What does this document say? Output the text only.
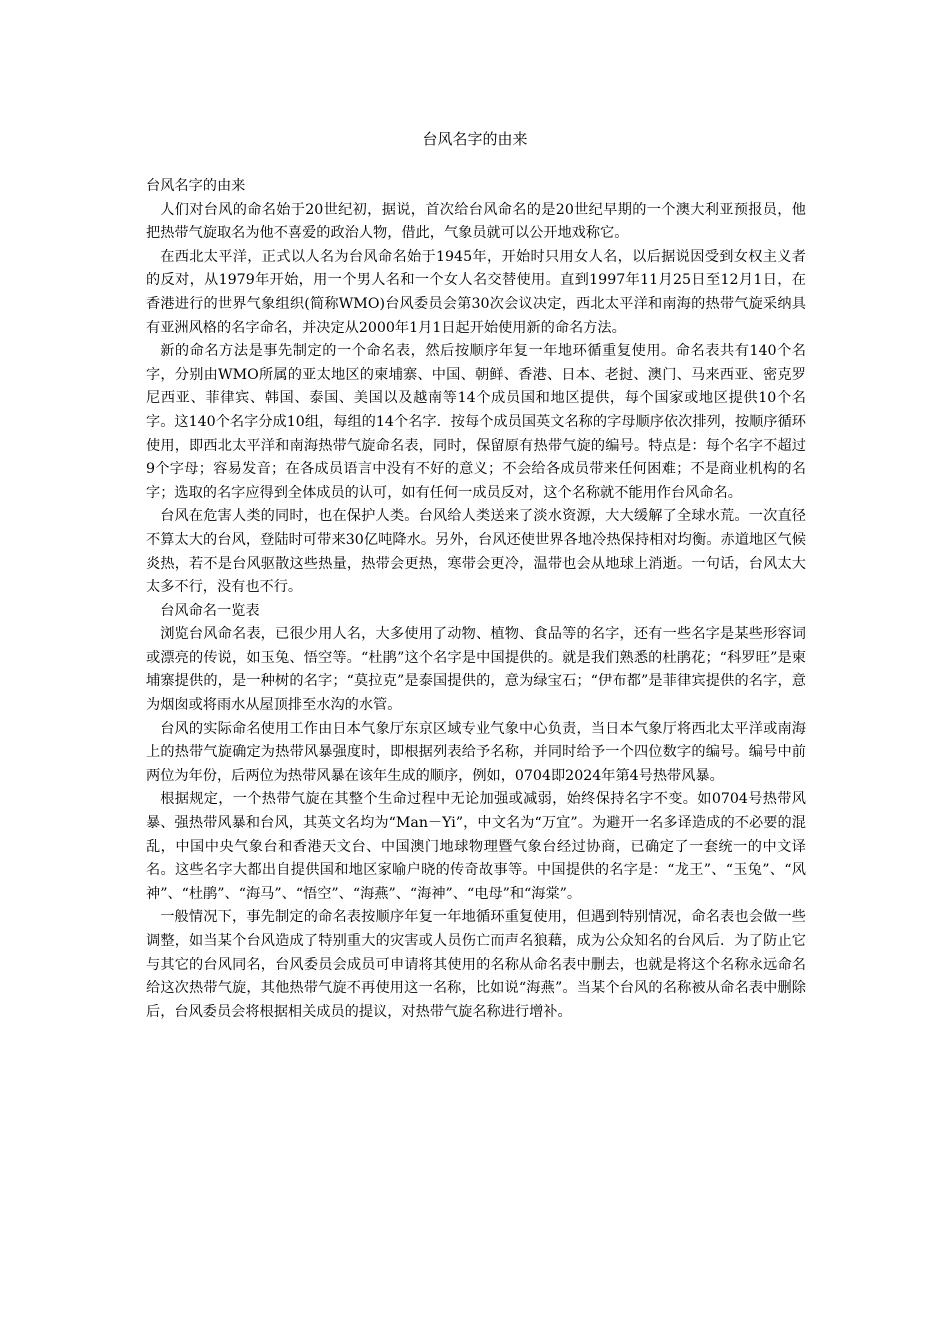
台风名字的由来

台风名字的由来

人们对台风的命名始于20世纪初，据说，首次给台风命名的是20世纪早期的一个澳大利亚预报员，他把热带气旋取名为他不喜爱的政治人物，借此，气象员就可以公开地戏称它。

在西北太平洋，正式以人名为台风命名始于1945年，开始时只用女人名，以后据说因受到女权主义者的反对，从1979年开始，用一个男人名和一个女人名交替使用。直到1997年11月25日至12月1日，在香港进行的世界气象组织(简称WMO)台风委员会第30次会议决定，西北太平洋和南海的热带气旋采纳具有亚洲风格的名字命名，并决定从2000年1月1日起开始使用新的命名方法。

新的命名方法是事先制定的一个命名表，然后按顺序年复一年地环循重复使用。命名表共有140个名字，分别由WMO所属的亚太地区的柬埔寨、中国、朝鲜、香港、日本、老挝、澳门、马来西亚、密克罗尼西亚、菲律宾、韩国、泰国、美国以及越南等14个成员国和地区提供，每个国家或地区提供10个名字。这140个名字分成10组，每组的14个名字．按每个成员国英文名称的字母顺序依次排列，按顺序循环使用，即西北太平洋和南海热带气旋命名表，同时，保留原有热带气旋的编号。特点是：每个名字不超过9个字母；容易发音；在各成员语言中没有不好的意义；不会给各成员带来任何困难；不是商业机构的名字；选取的名字应得到全体成员的认可，如有任何一成员反对，这个名称就不能用作台风命名。

台风在危害人类的同时，也在保护人类。台风给人类送来了淡水资源，大大缓解了全球水荒。一次直径不算太大的台风，登陆时可带来30亿吨降水。另外，台风还使世界各地冷热保持相对均衡。赤道地区气候炎热，若不是台风驱散这些热量，热带会更热，寒带会更冷，温带也会从地球上消逝。一句话，台风太大太多不行，没有也不行。

台风命名一览表

浏览台风命名表，已很少用人名，大多使用了动物、植物、食品等的名字，还有一些名字是某些形容词或漂亮的传说，如玉兔、悟空等。“杜鹃”这个名字是中国提供的。就是我们熟悉的杜鹃花；“科罗旺”是柬埔寨提供的，是一种树的名字；“莫拉克”是泰国提供的，意为绿宝石；“伊布都”是菲律宾提供的名字，意为烟囱或将雨水从屋顶排至水沟的水管。

台风的实际命名使用工作由日本气象厅东京区域专业气象中心负责，当日本气象厅将西北太平洋或南海上的热带气旋确定为热带风暴强度时，即根据列表给予名称，并同时给予一个四位数字的编号。编号中前两位为年份，后两位为热带风暴在该年生成的顺序，例如，0704即2024年第4号热带风暴。

根据规定，一个热带气旋在其整个生命过程中无论加强或减弱，始终保持名字不变。如0704号热带风暴、强热带风暴和台风，其英文名均为“Man－Yi”，中文名为“万宜”。为避开一名多译造成的不必要的混乱，中国中央气象台和香港天文台、中国澳门地球物理暨气象台经过协商，已确定了一套统一的中文译名。这些名字大都出自提供国和地区家喻户晓的传奇故事等。中国提供的名字是：“龙王”、“玉兔”、“风神”、“杜鹃”、“海马”、“悟空”、“海燕”、“海神”、“电母”和“海棠”。

一般情况下，事先制定的命名表按顺序年复一年地循环重复使用，但遇到特别情况，命名表也会做一些调整，如当某个台风造成了特别重大的灾害或人员伤亡而声名狼藉，成为公众知名的台风后．为了防止它与其它的台风同名，台风委员会成员可申请将其使用的名称从命名表中删去，也就是将这个名称永远命名给这次热带气旋，其他热带气旋不再使用这一名称，比如说“海燕”。当某个台风的名称被从命名表中删除后，台风委员会将根据相关成员的提议，对热带气旋名称进行增补。
